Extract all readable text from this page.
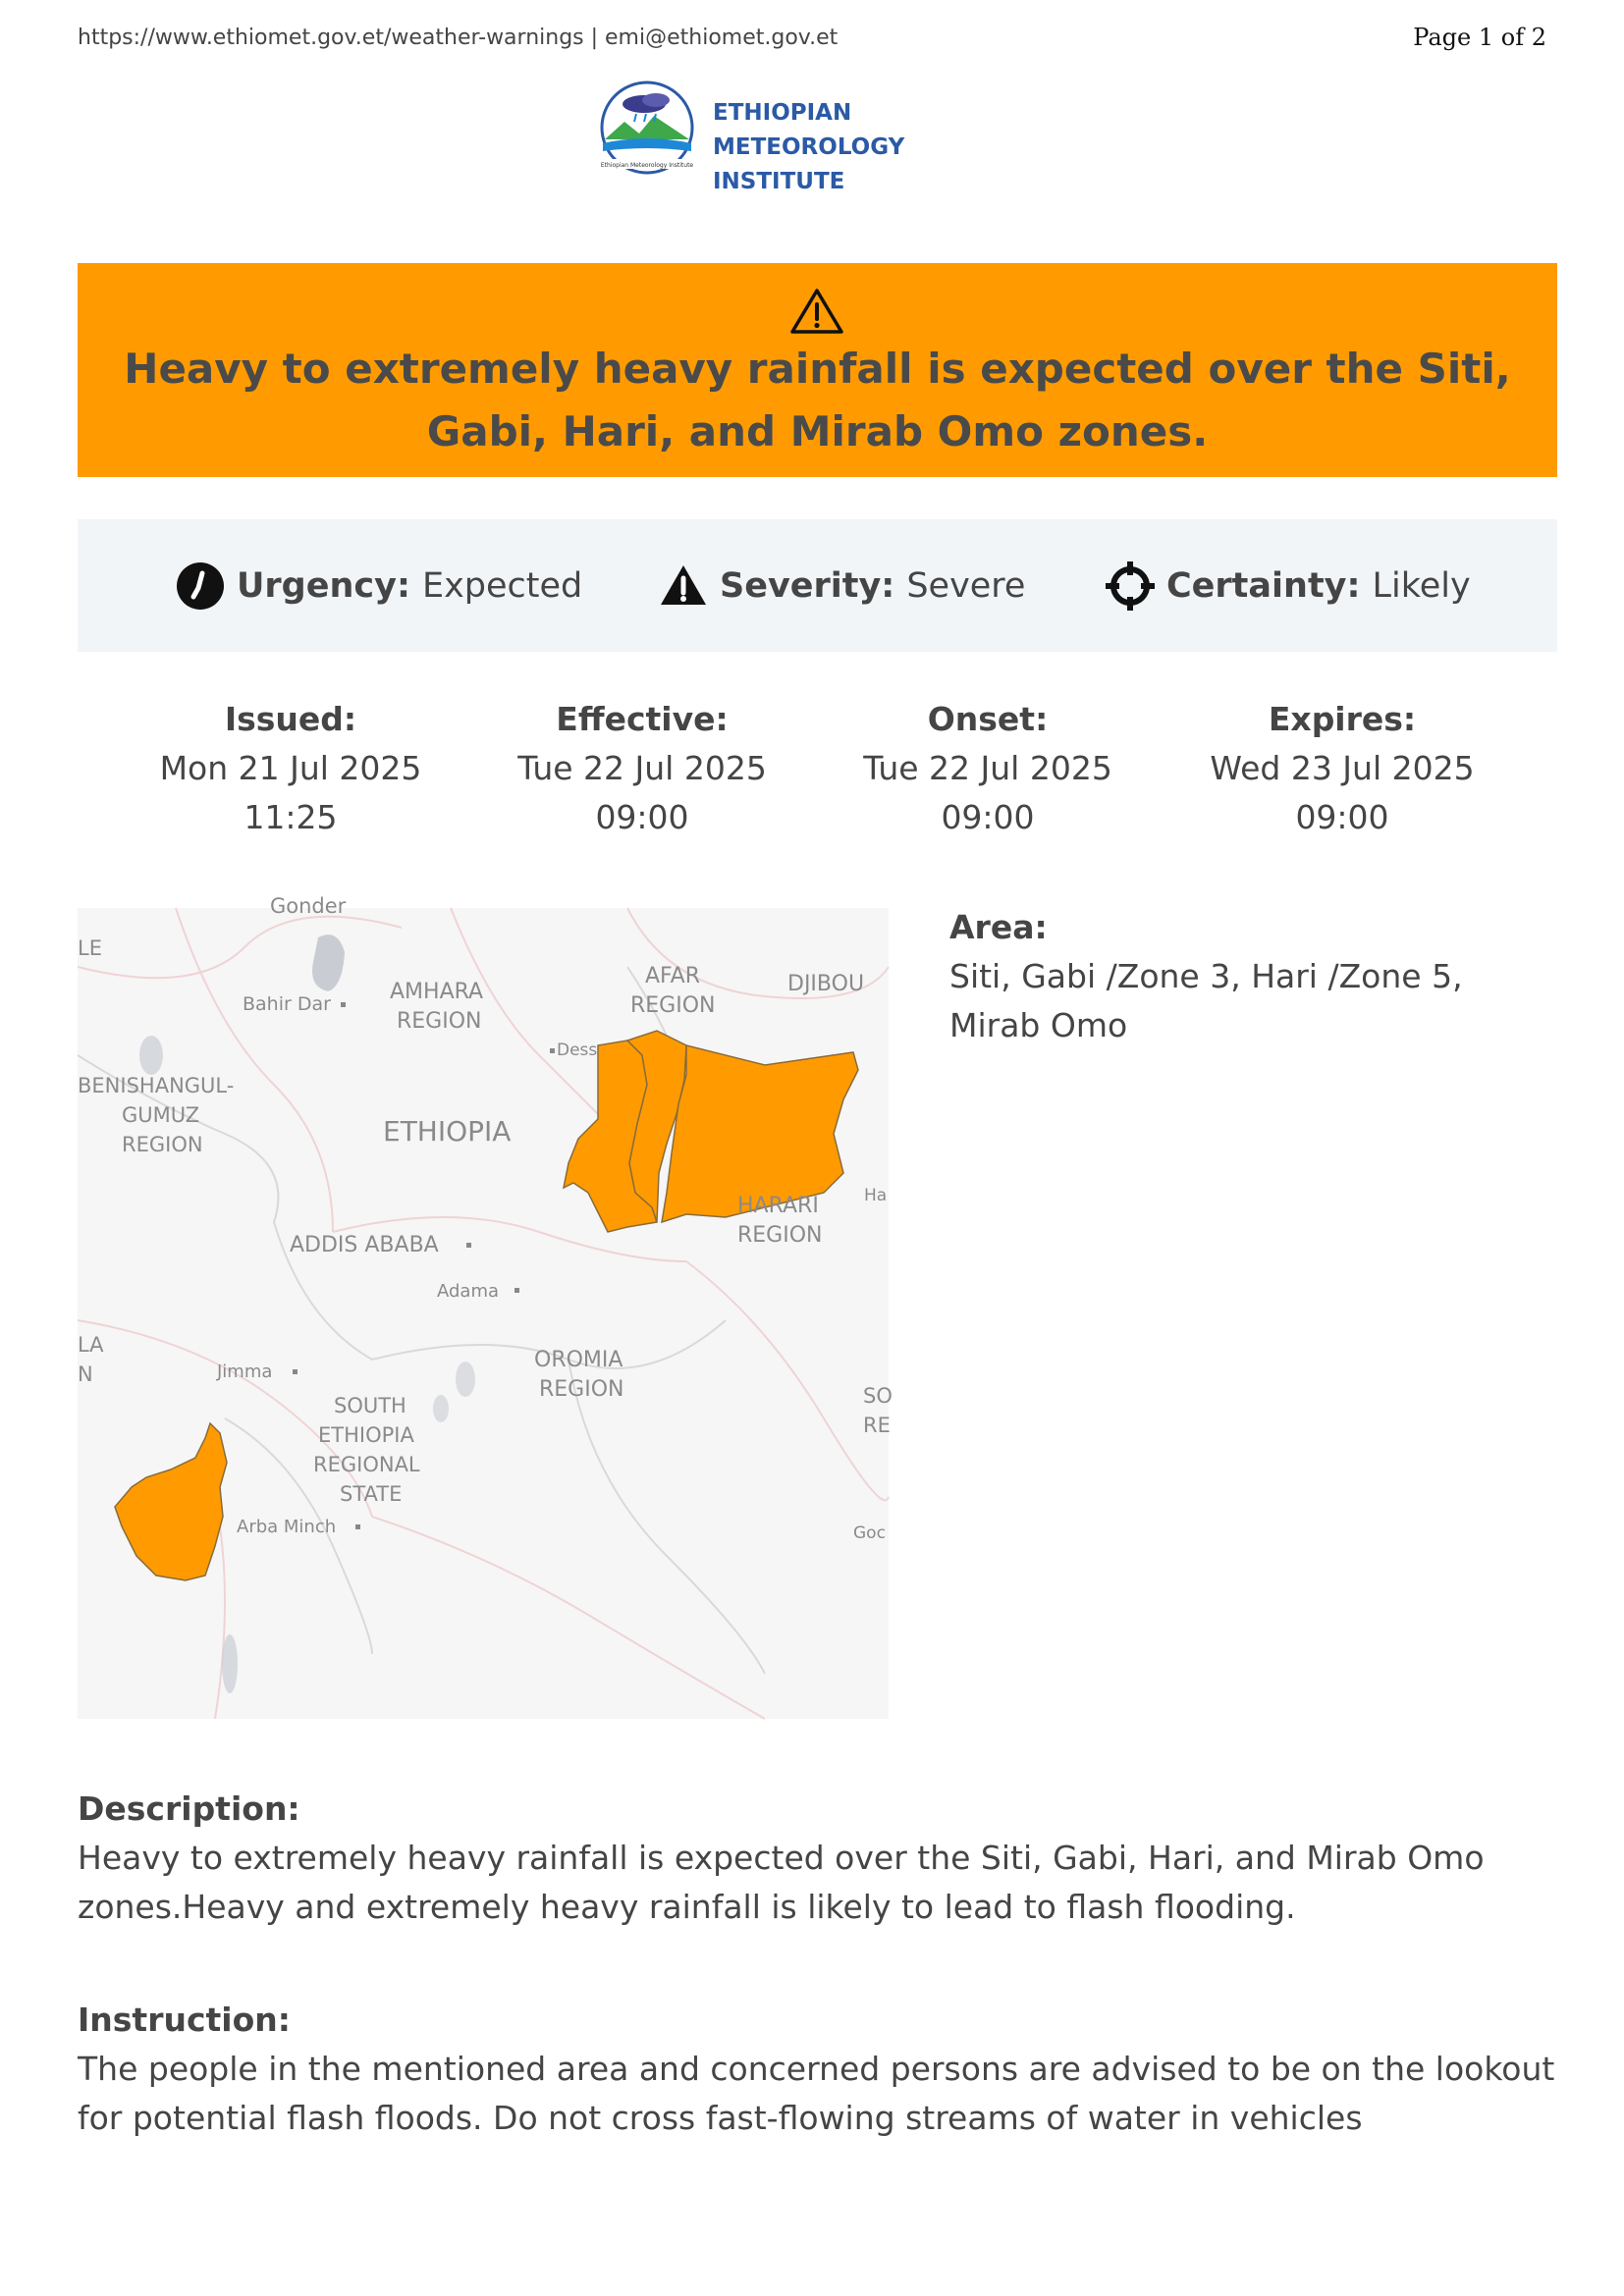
https://www.ethiomet.gov.et/weather-warnings | emi@ethiomet.gov.et	Page 1 of 2
Ethiopian Meteorology Institute
ETHIOPIAN METEOROLOGY
INSTITUTE
Heavy to extremely heavy rainfall is expected over the Siti, Gabi, Hari, and Mirab Omo zones.
Urgency: Expected	Severity: Severe	Certainty: Likely
Issued:
Mon 21 Jul 2025
11:25
Effective:
Tue 22 Jul 2025
09:00
Onset:
Tue 22 Jul 2025
09:00
Expires:
Wed 23 Jul 2025
09:00
Gonder
LE
Bahir Dar	AMHARA
REGION
AFAR
REGION
DJIBOU
Dess
BENISHANGUL-
GUMUZ
REGION	ETHIOPIA
HARARI
REGION
Ha
ADDIS ABABA
Adama
LA
N	Jimma	OROMIA
REGION
SOUTH
ETHIOPIA
REGIONAL
STATE
SO
RE
Arba Minch	Goc
Area:
Siti, Gabi /Zone 3, Hari /Zone 5, Mirab Omo
Description:
Heavy to extremely heavy rainfall is expected over the Siti, Gabi, Hari, and Mirab Omo zones.Heavy and extremely heavy rainfall is likely to lead to flash flooding.
Instruction:
The people in the mentioned area and concerned persons are advised to be on the lookout for potential flash floods. Do not cross fast-flowing streams of water in vehicles
